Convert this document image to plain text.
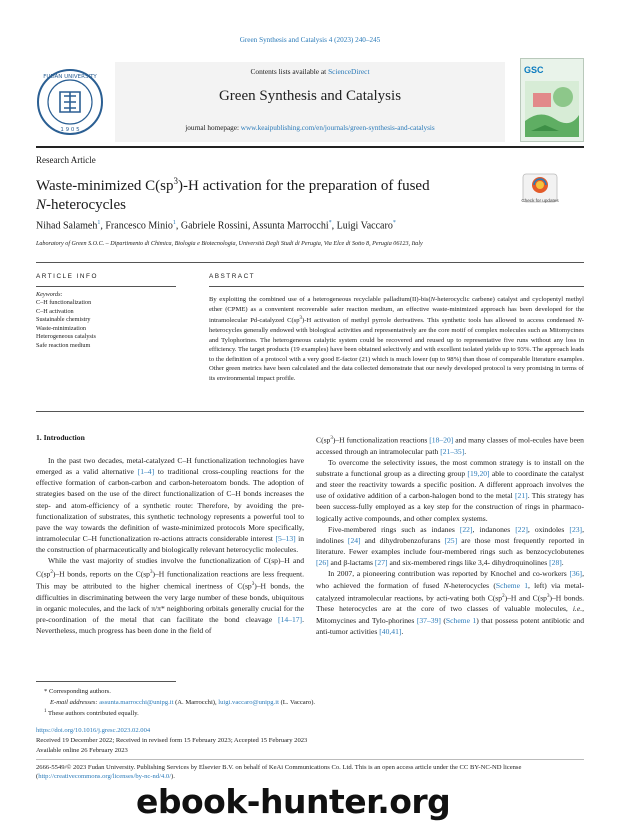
Green Synthesis and Catalysis 4 (2023) 240–245
FUDAN UNIVERSITY
1 9 0 5
Contents lists available at ScienceDirect
Green Synthesis and Catalysis
journal homepage: www.keaipublishing.com/en/journals/green-synthesis-and-catalysis
GSC
Research Article
Waste-minimized $C(sp^3)-H$ activation for the preparation of fused
N-heterocycles	Check for updates
Nihad Salameh$^1$, Francesco Minio$^1$, Gabriele Rossini, Assunta Marrocchi*, Luigi Vaccaro*
Laboratory of Green S.O.C. – Dipartimento di Chimica, Biologia e Biotecnologia, Università Degli Studi di Perugia, Via Elce di Sotto 8, Perugia 06123, Italy
ARTICLE INFO	ABSTRACT
Keywords:
C–H functionalization
C–H activation
Sustainable chemistry
Waste-minimization
Heterogeneous catalysis
Safe reaction medium
By exploiting the combined use of a heterogeneous recyclable palladium(II)-bis(N-heterocyclic carbene) catalyst and cyclopentyl methyl ether (CPME) as a convenient recoverable safer reaction medium, an effective waste-minimized approach has been developed for the intramolecular Pd-catalyzed $C(sp^3)-H$ activation of methyl pyrrole derivatives. This synthetic tools has allowed to access condensed N-heterocycles generally endowed with biological activities and representatively are the core motif of complex molecules such as Mitomycines and Tylophorines. The heterogeneous catalytic system could be recovered and reused up to representative five runs without any loss in efficiency. The target products (19 examples) have been obtained selectively and with excellent isolated yields up to 93%. The approach leads to the definition of a protocol with a very good E-factor (21) which is much lower (up to 98%) than those of comparable literature examples. Other green metrics have been calculated and the data collected demonstrate that our newly developed protocol is very promising in terms of its environmental impact profile.
1. Introduction

In the past two decades, metal-catalyzed C–H functionalization technologies have emerged as a valid alternative [1–4] to traditional cross-coupling reactions for the effective formation of carbon-carbon and carbon-heteroatom bonds. The adoption of strategies based on the use of the direct functionalization of C–H bonds increases the step- and atom-efficiency of a synthetic route: Therefore, by avoiding the pre-functionalization of substrates, this synthetic technology represents a powerful tool to pave the way towards the definition of waste-minimized protocols More specifically, intramolecular C–H functionalization re-actions attracts considerable interest [5–13] in the construction of pharmaceutically and biologically relevant heterocyclic molecules.

While the vast majority of studies involve the functionalization of C(sp)–H and $C(sp^2)-H$ bonds, reports on the $C(sp^3)-H$ functionalization reactions are less frequent. This may be attributed to the higher chemical inertness of $C(sp^3)-H$ bonds, the difficulties in discriminating between the very large number of these bonds, ubiquitous in organic molecules, and the lack of π/π* neighboring orbitals generally crucial for the pre-coordination of the metal that can facilitate the bond cleavage [14–17]. Nevertheless, much progress has been done in the field of

$C(sp^3)-H$ functionalization reactions [18–20] and many classes of mol-ecules have been accessed through an intramolecular path [21–35].

To overcome the selectivity issues, the most common strategy is to install on the substrate a functional group as a directing group [19,20] able to coordinate the catalyst and steer the reactivity towards a specific position. A different approach involves the use of oxidative addition of a carbon-halogen bond to the metal [21]. This strategy has been success-fully employed as a key step for the construction of rings in pharmaco-logically active compounds, and other complex systems.

Five-membered rings such as indanes [22], indanones [22], oxindoles [23], indolines [24] and dihydrobenzofurans [25] are those most frequently reported in literature. Fewer examples include four-membered rings such as benzocyclobutenes [26] and β-lactams [27] and six-membered rings like 3,4- dihydroquinolines [28].

In 2007, a pioneering contribution was reported by Knochel and co-workers [36], who achieved the formation of fused N-heterocycles (Scheme 1, left) via metal-catalyzed intramolecular reactions, by acti-vating both $C(sp^2)-H$ and $C(sp^3)-H$ bonds. These heterocycles are at the core of two classes of valuable molecules, i.e., Mitomycines and Tylo-phorines [37–39] (Scheme 1) that possess potent antibiotic and anti-tumor activities [40,41].

* Corresponding authors.
E-mail addresses: assunta.marrocchi@unipg.it (A. Marrocchi), luigi.vaccaro@unipg.it (L. Vaccaro).
$^1$ These authors contributed equally.
https://doi.org/10.1016/j.gresc.2023.02.004
Received 19 December 2022; Received in revised form 15 February 2023; Accepted 15 February 2023
Available online 26 February 2023
2666-5549/© 2023 Fudan University. Publishing Services by Elsevier B.V. on behalf of KeAi Communications Co. Ltd. This is an open access article under the CC BY-NC-ND license (http://creativecommons.org/licenses/by-nc-nd/4.0/).
ebook-hunter.org
